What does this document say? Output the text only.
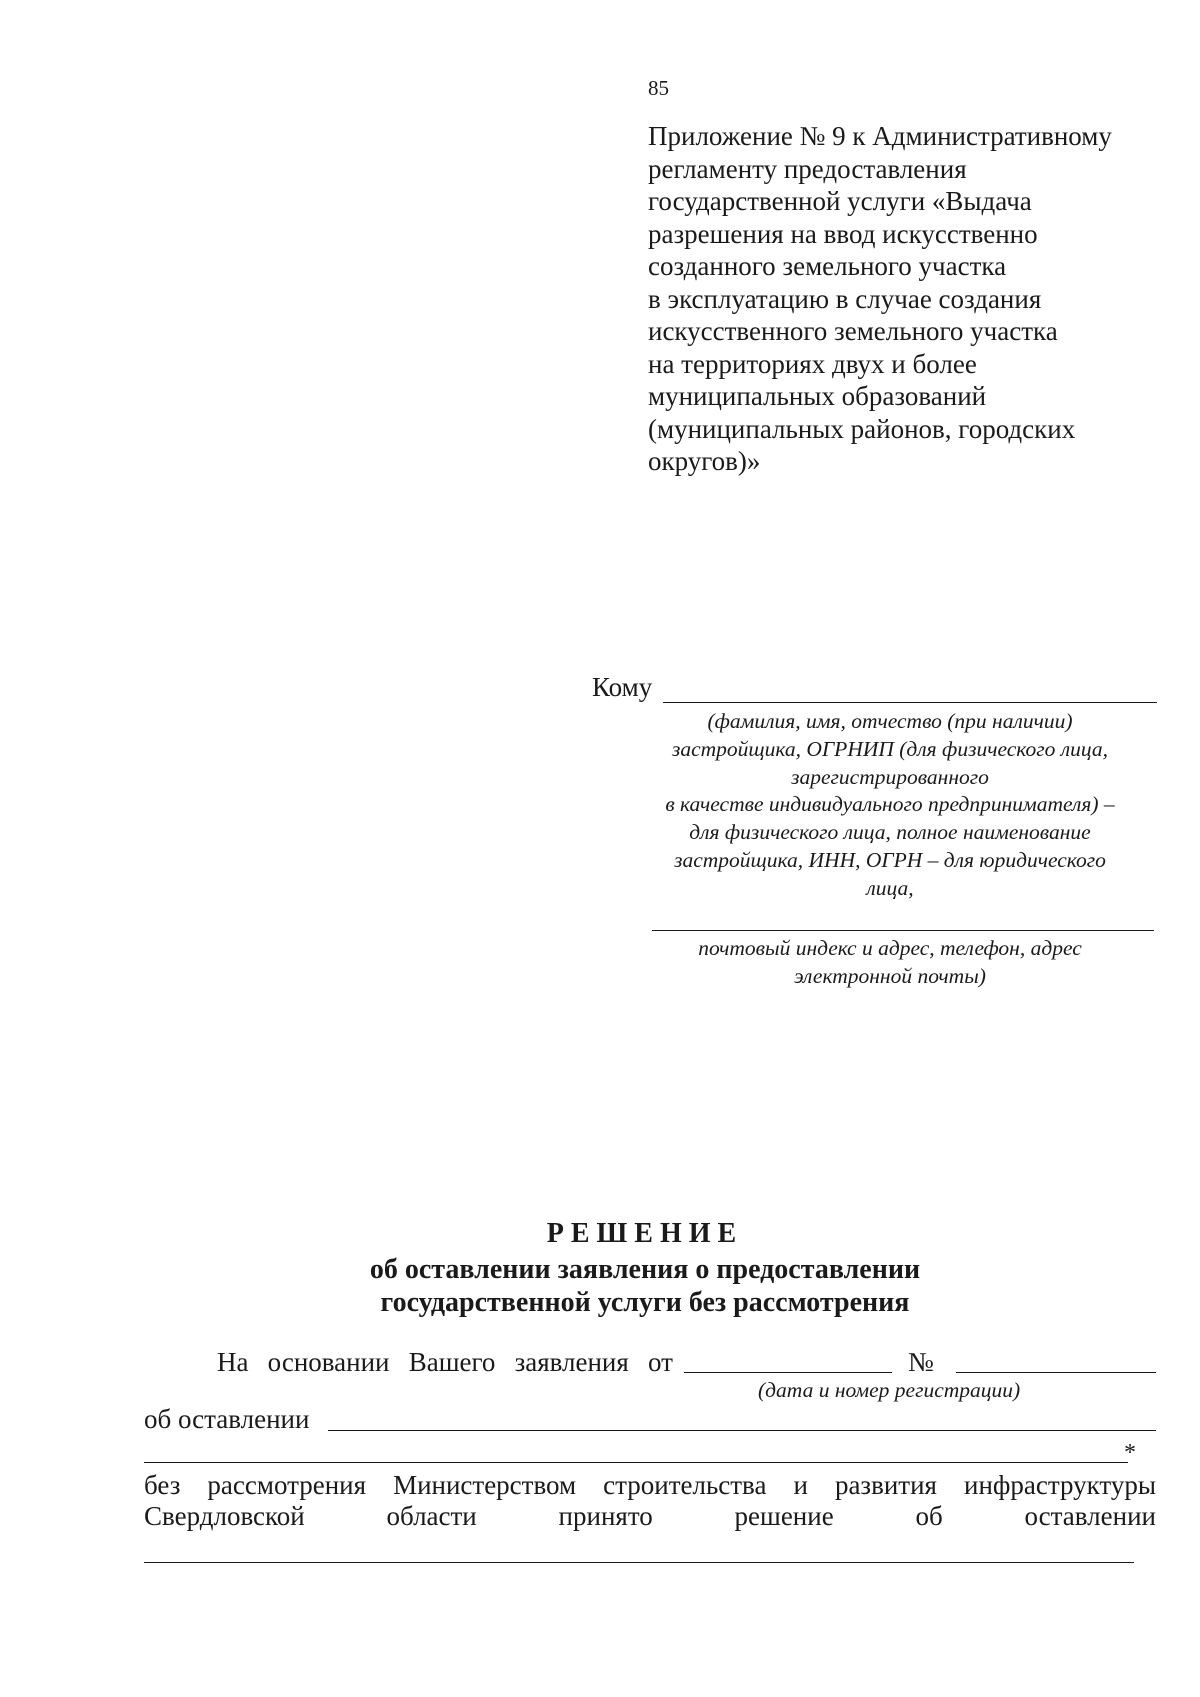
85
Приложение № 9 к Административному
регламенту предоставления
государственной услуги «Выдача
разрешения на ввод искусственно
созданного земельного участка
в эксплуатацию в случае создания
искусственного земельного участка
на территориях двух и более
муниципальных образований
(муниципальных районов, городских
округов)»
Кому
(фамилия, имя, отчество (при наличии)
застройщика, ОГРНИП (для физического лица,
зарегистрированного
в качестве индивидуального предпринимателя) –
для физического лица, полное наименование
застройщика, ИНН, ОГРН – для юридического
лица,
почтовый индекс и адрес, телефон, адрес
электронной почты)
РЕШЕНИЕ
об оставлении заявления о предоставлении
государственной услуги без рассмотрения
На основании Вашего заявления от	№
(дата и номер регистрации)
об оставлении
*
без рассмотрения Министерством строительства и развития инфраструктуры
Свердловской	области	принято	решение	об	оставлении
